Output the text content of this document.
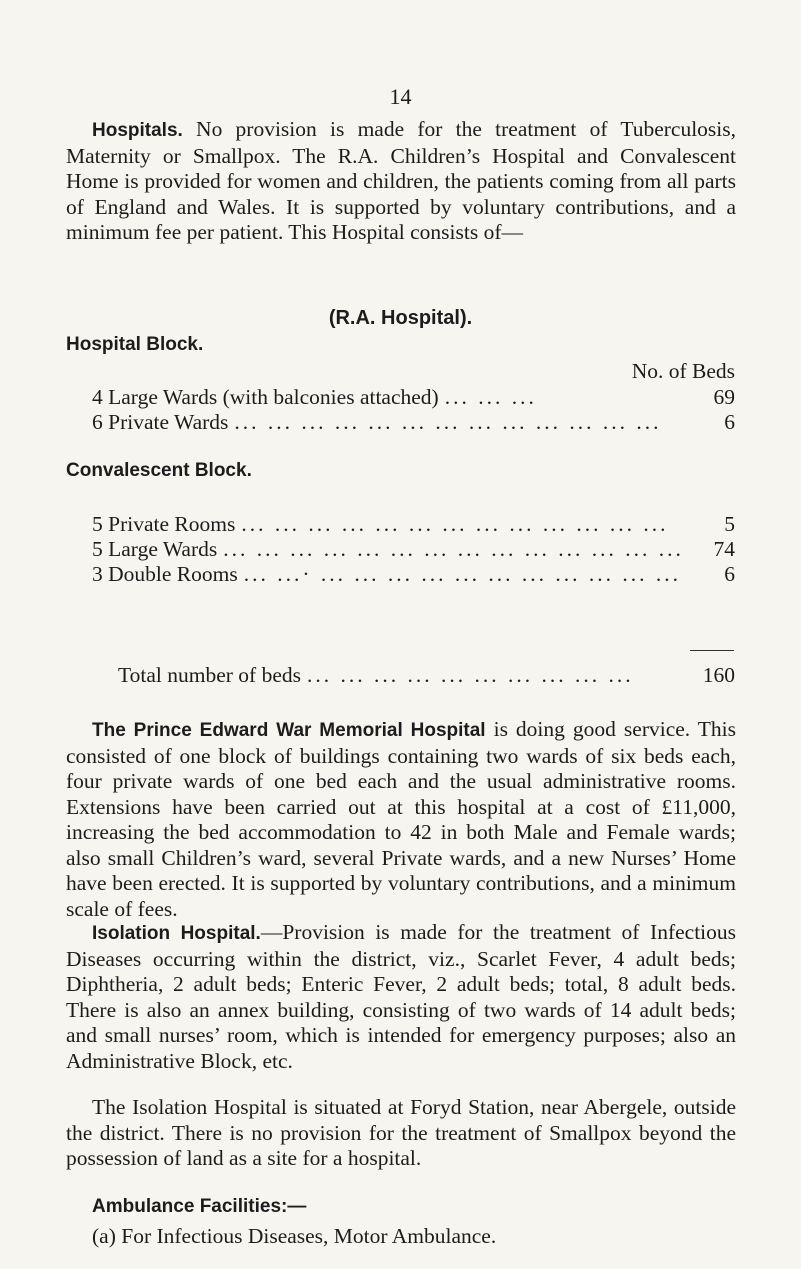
14

Hospitals. No provision is made for the treatment of Tuberculosis, Maternity or Smallpox. The R.A. Children’s Hospital and Convalescent Home is provided for women and children, the patients coming from all parts of England and Wales. It is supported by voluntary contributions, and a minimum fee per patient. This Hospital consists of—

(R.A. Hospital).
Hospital Block.
No. of Beds
4 Large Wards (with balconies attached) ... ... ...	69
6 Private Wards ... ... ... ... ... ... ... ... ... ... ... ... ...	6
Convalescent Block.
5 Private Rooms ... ... ... ... ... ... ... ... ... ... ... ... ...	5
5 Large Wards ... ... ... ... ... ... ... ... ... ... ... ... ... ...	74
3 Double Rooms ... ...· ... ... ... ... ... ... ... ... ... ... ...	6
Total number of beds ... ... ... ... ... ... ... ... ... ...	160

The Prince Edward War Memorial Hospital is doing good service. This consisted of one block of buildings containing two wards of six beds each, four private wards of one bed each and the usual administrative rooms. Extensions have been carried out at this hospital at a cost of £11,000, increasing the bed accommodation to 42 in both Male and Female wards; also small Children’s ward, several Private wards, and a new Nurses’ Home have been erected. It is supported by voluntary contributions, and a minimum scale of fees.

Isolation Hospital.—Provision is made for the treatment of Infectious Diseases occurring within the district, viz., Scarlet Fever, 4 adult beds; Diphtheria, 2 adult beds; Enteric Fever, 2 adult beds; total, 8 adult beds. There is also an annex building, consisting of two wards of 14 adult beds; and small nurses’ room, which is intended for emergency purposes; also an Administrative Block, etc.

The Isolation Hospital is situated at Foryd Station, near Abergele, outside the district. There is no provision for the treatment of Smallpox beyond the possession of land as a site for a hospital.

Ambulance Facilities:—
(a) For Infectious Diseases, Motor Ambulance.
